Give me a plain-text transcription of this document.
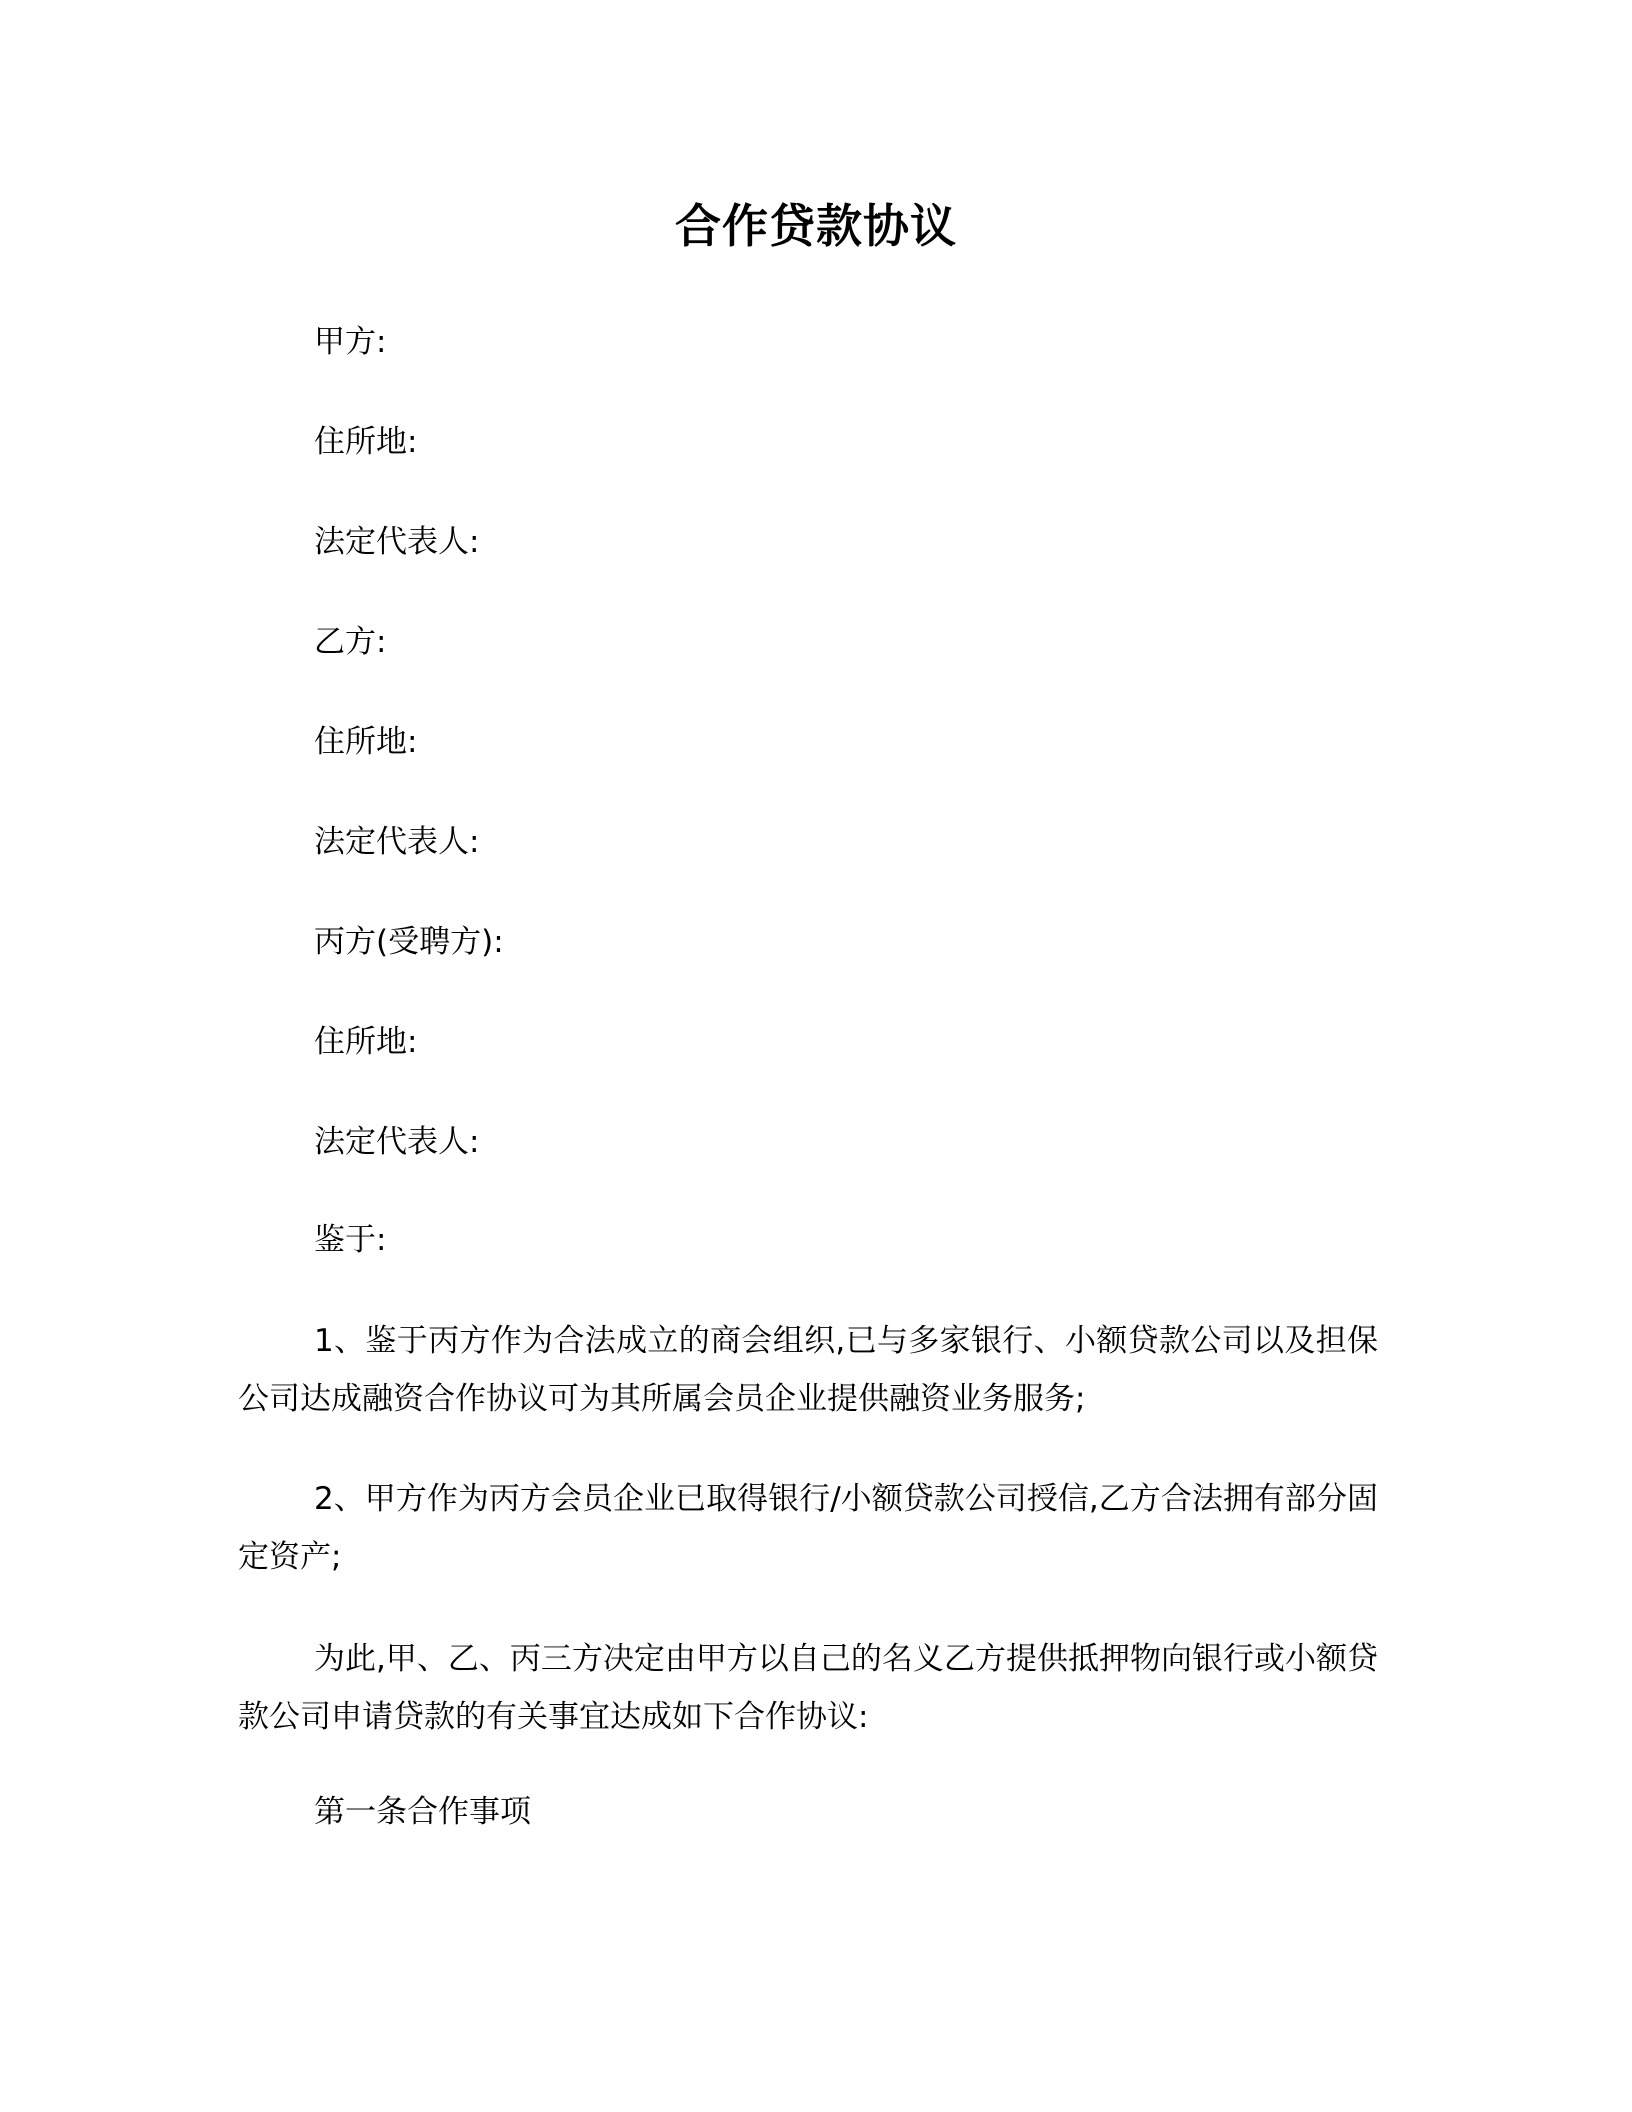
合作贷款协议
甲方:
住所地:
法定代表人:
乙方:
住所地:
法定代表人:
丙方(受聘方):
住所地:
法定代表人:
鉴于:
1、鉴于丙方作为合法成立的商会组织,已与多家银行、小额贷款公司以及担保公司达成融资合作协议可为其所属会员企业提供融资业务服务;
2、甲方作为丙方会员企业已取得银行/小额贷款公司授信,乙方合法拥有部分固定资产;
为此,甲、乙、丙三方决定由甲方以自己的名义乙方提供抵押物向银行或小额贷款公司申请贷款的有关事宜达成如下合作协议:
第一条合作事项
